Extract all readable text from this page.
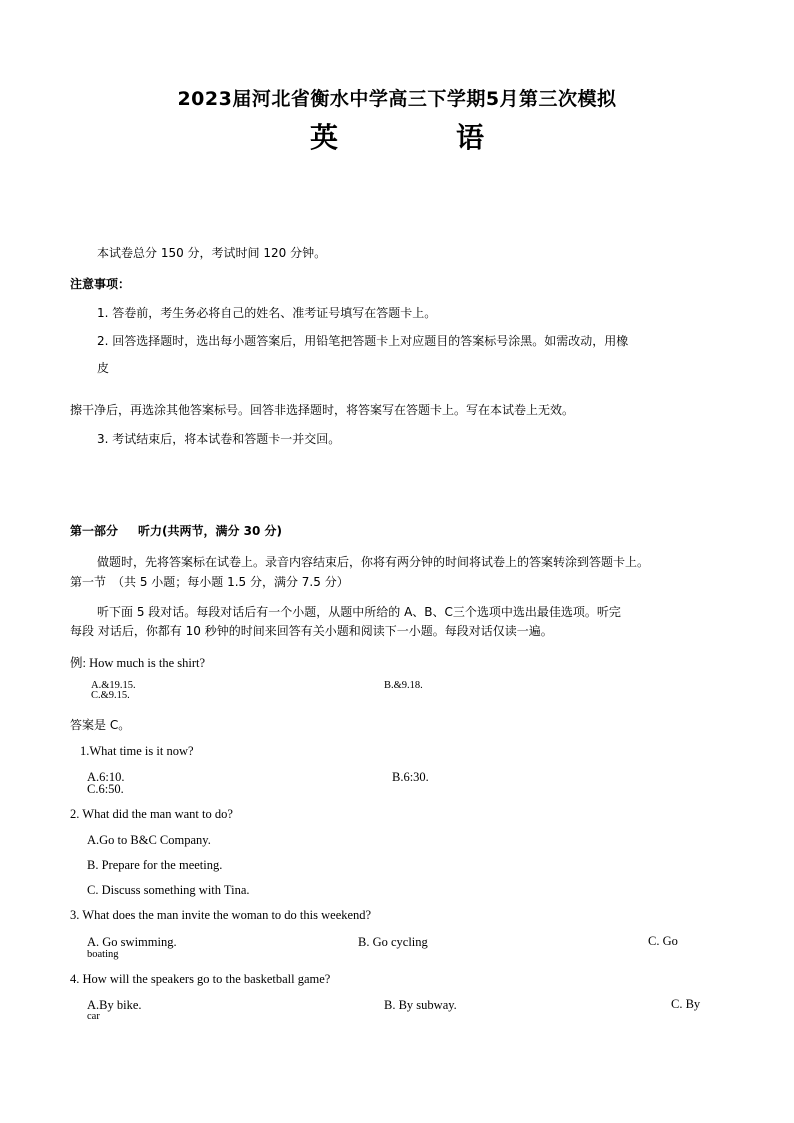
2023届河北省衡水中学高三下学期5月第三次模拟
英	语
本试卷总分 150 分，考试时间 120 分钟。
注意事项：
1. 答卷前，考生务必将自己的姓名、准考证号填写在答题卡上。
2. 回答选择题时，选出每小题答案后，用铅笔把答题卡上对应题目的答案标号涂黑。如需改动，用橡
皮
擦干净后，再选涂其他答案标号。回答非选择题时，将答案写在答题卡上。写在本试卷上无效。
3. 考试结束后，将本试卷和答题卡一并交回。
第一部分 听力(共两节，满分 30 分)
做题时，先将答案标在试卷上。录音内容结束后，你将有两分钟的时间将试卷上的答案转涂到答题卡上。
第一节　（共 5 小题；每小题 1.5 分，满分 7.5 分）
听下面 5 段对话。每段对话后有一个小题，从题中所给的 A、B、C三个选项中选出最佳选项。听完
每段 对话后，你都有 10 秒钟的时间来回答有关小题和阅读下一小题。每段对话仅读一遍。
例: How much is the shirt?
A.&19.15.	B.&9.18.
C.&9.15.
答案是 C。
1.What time is it now?
A.6:10.	B.6:30.
C.6:50.
2. What did the man want to do?
A.Go to B&C Company.
B. Prepare for the meeting.
C. Discuss something with Tina.
3. What does the man invite the woman to do this weekend?
A. Go swimming.	B. Go cycling	C. Go
boating
4. How will the speakers go to the basketball game?
A.By bike.	B. By subway.	C. By
car
